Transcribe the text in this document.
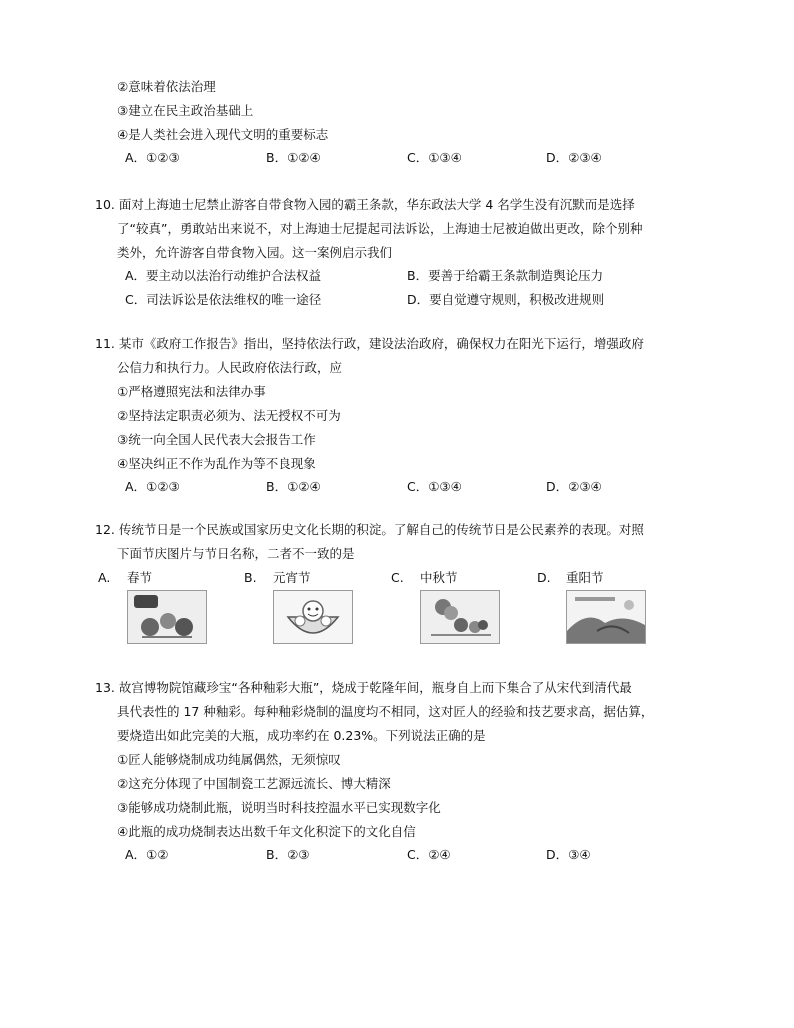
②意味着依法治理
③建立在民主政治基础上
④是人类社会进入现代文明的重要标志
A．①②③	B．①②④	C．①③④	D．②③④
10. 面对上海迪士尼禁止游客自带食物入园的霸王条款，华东政法大学 4 名学生没有沉默而是选择
了“较真”，勇敢站出来说不，对上海迪士尼提起司法诉讼，上海迪士尼被迫做出更改，除个别种
类外，允许游客自带食物入园。这一案例启示我们
A．要主动以法治行动维护合法权益	B．要善于给霸王条款制造舆论压力
C．司法诉讼是依法维权的唯一途径	D．要自觉遵守规则，积极改进规则
11. 某市《政府工作报告》指出，坚持依法行政，建设法治政府，确保权力在阳光下运行，增强政府
公信力和执行力。人民政府依法行政，应
①严格遵照宪法和法律办事
②坚持法定职责必须为、法无授权不可为
③统一向全国人民代表大会报告工作
④坚决纠正不作为乱作为等不良现象
A．①②③	B．①②④	C．①③④	D．②③④
12. 传统节日是一个民族或国家历史文化长期的积淀。了解自己的传统节日是公民素养的表现。对照
下面节庆图片与节日名称，二者不一致的是
A. 春节	B. 元宵节	C. 中秋节	D. 重阳节
13. 故宫博物院馆藏珍宝“各种釉彩大瓶”，烧成于乾隆年间，瓶身自上而下集合了从宋代到清代最
具代表性的 17 种釉彩。每种釉彩烧制的温度均不相同，这对匠人的经验和技艺要求高，据估算，
要烧造出如此完美的大瓶，成功率约在 0.23%。下列说法正确的是
①匠人能够烧制成功纯属偶然，无须惊叹
②这充分体现了中国制瓷工艺源远流长、博大精深
③能够成功烧制此瓶，说明当时科技控温水平已实现数字化
④此瓶的成功烧制表达出数千年文化积淀下的文化自信
A．①②	B．②③	C．②④	D．③④
